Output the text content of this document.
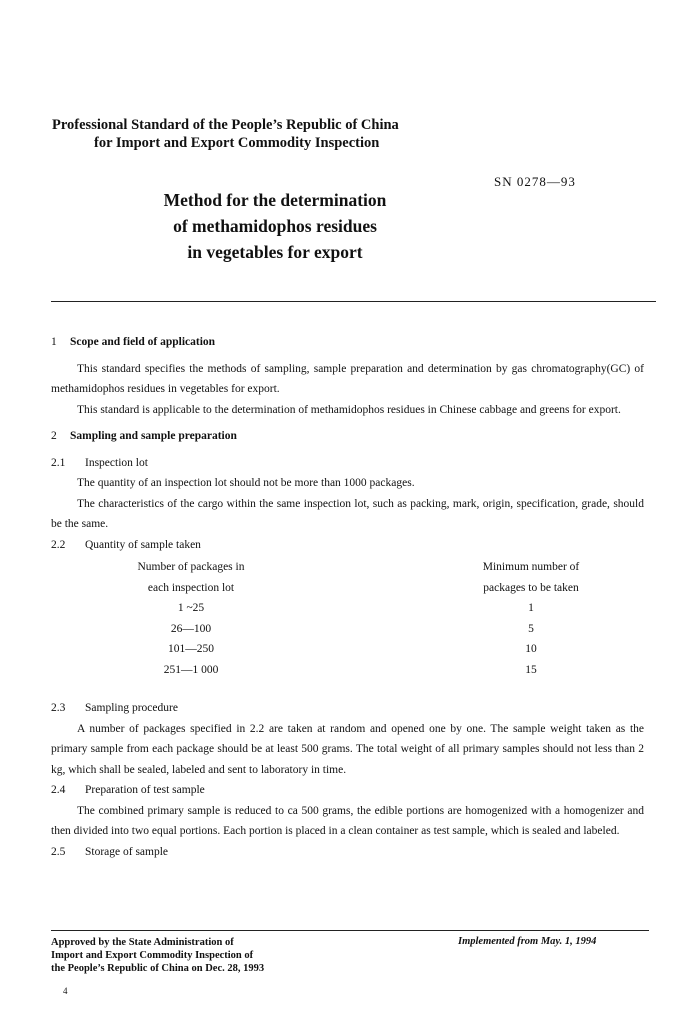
Professional Standard of the People’s Republic of China
for Import and Export Commodity Inspection
SN 0278—93
Method for the determination
of methamidophos residues
in vegetables for export
1 Scope and field of application
This standard specifies the methods of sampling, sample preparation and determination by gas chromatography(GC) of methamidophos residues in vegetables for export.
This standard is applicable to the determination of methamidophos residues in Chinese cabbage and greens for export.
2 Sampling and sample preparation
2.1 Inspection lot
The quantity of an inspection lot should not be more than 1000 packages.
The characteristics of the cargo within the same inspection lot, such as packing, mark, origin, specification, grade, should be the same.
2.2 Quantity of sample taken
Number of packages in		Minimum number of
each inspection lot		packages to be taken
1 ~25		1
26—100		5
101—250		10
251—1 000		15
2.3 Sampling procedure
A number of packages specified in 2.2 are taken at random and opened one by one. The sample weight taken as the primary sample from each package should be at least 500 grams. The total weight of all primary samples should not less than 2 kg, which shall be sealed, labeled and sent to laboratory in time.
2.4 Preparation of test sample
The combined primary sample is reduced to ca 500 grams, the edible portions are homogenized with a homogenizer and then divided into two equal portions. Each portion is placed in a clean container as test sample, which is sealed and labeled.
2.5 Storage of sample
Approved by the State Administration of
Import and Export Commodity Inspection of
the People’s Republic of China on Dec. 28, 1993
Implemented from May. 1, 1994
4
